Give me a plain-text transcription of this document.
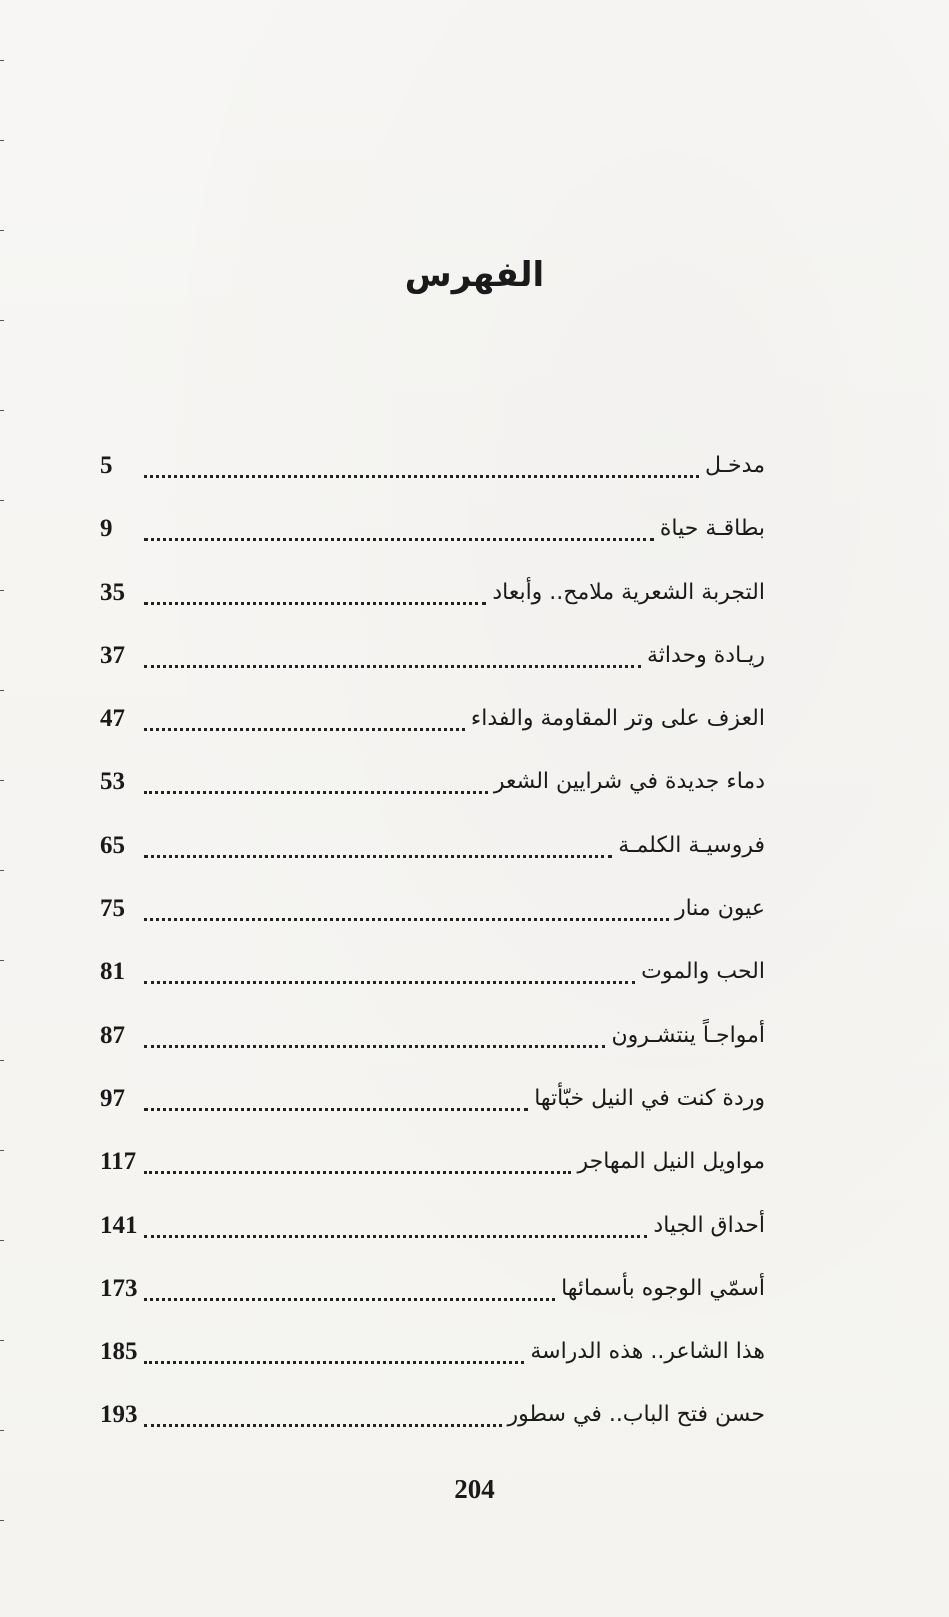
الفهرس
5	مدخـل
9	بطاقـة حياة
35	التجربة الشعرية ملامح.. وأبعاد
37	ريـادة وحداثة
47	العزف على وتر المقاومة والفداء
53	دماء جديدة في شرايين الشعر
65	فروسيـة الكلمـة
75	عيون منار
81	الحب والموت
87	أمواجـاً ينتشـرون
97	وردة كنت في النيل خبّأتها
117	مواويل النيل المهاجر
141	أحداق الجياد
173	أسمّي الوجوه بأسمائها
185	هذا الشاعر.. هذه الدراسة
193	حسن فتح الباب.. في سطور
204
